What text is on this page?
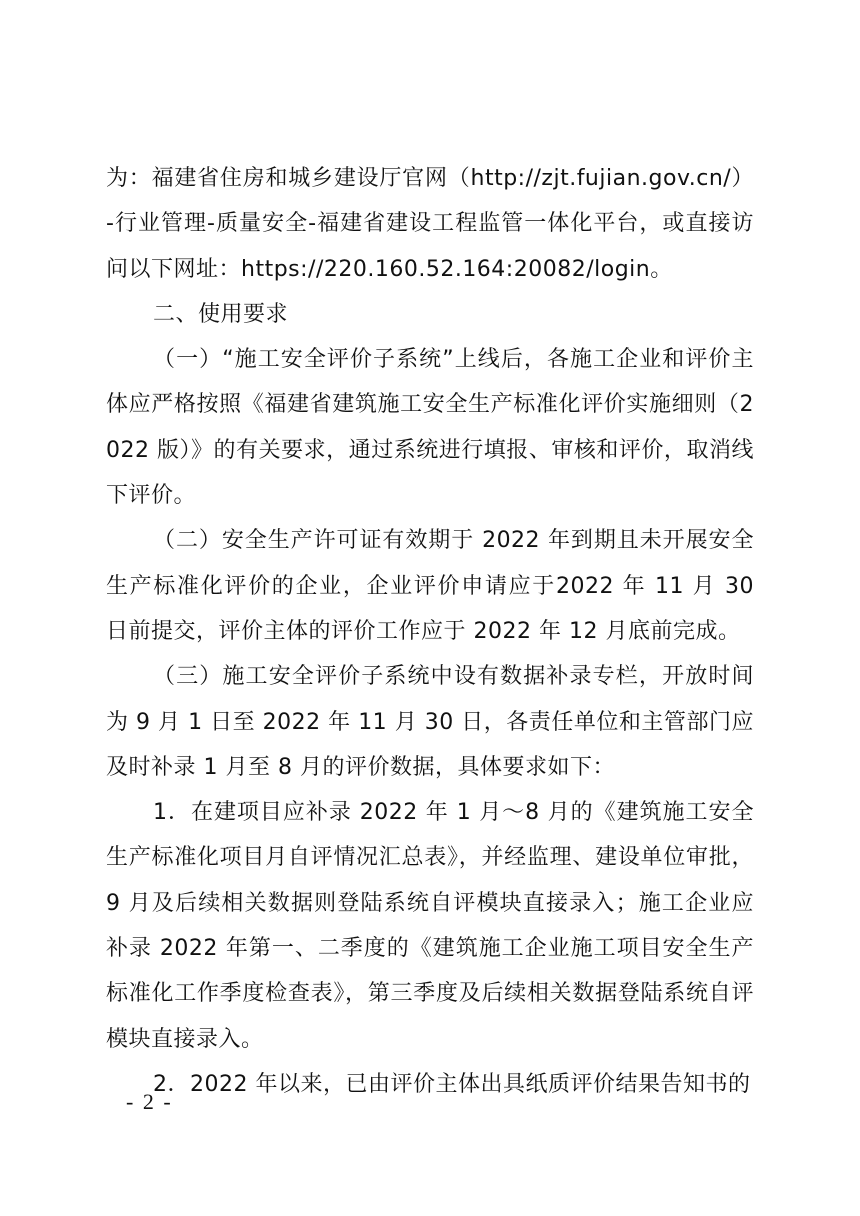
为：福建省住房和城乡建设厅官网（http://zjt.fujian.gov.cn/）-行业管理-质量安全-福建省建设工程监管一体化平台，或直接访问以下网址：https://220.160.52.164:20082/login。

二、使用要求

（一）“施工安全评价子系统”上线后，各施工企业和评价主体应严格按照《福建省建筑施工安全生产标准化评价实施细则（2022 版）》的有关要求，通过系统进行填报、审核和评价，取消线下评价。

（二）安全生产许可证有效期于 2022 年到期且未开展安全生产标准化评价的企业，企业评价申请应于2022 年 11 月 30 日前提交，评价主体的评价工作应于 2022 年 12 月底前完成。

（三）施工安全评价子系统中设有数据补录专栏，开放时间为 9 月 1 日至 2022 年 11 月 30 日，各责任单位和主管部门应及时补录 1 月至 8 月的评价数据，具体要求如下：

1．在建项目应补录 2022 年 1 月～8 月的《建筑施工安全生产标准化项目月自评情况汇总表》，并经监理、建设单位审批，9 月及后续相关数据则登陆系统自评模块直接录入；施工企业应补录 2022 年第一、二季度的《建筑施工企业施工项目安全生产标准化工作季度检查表》，第三季度及后续相关数据登陆系统自评模块直接录入。

2．2022 年以来，已由评价主体出具纸质评价结果告知书的

- 2 -
